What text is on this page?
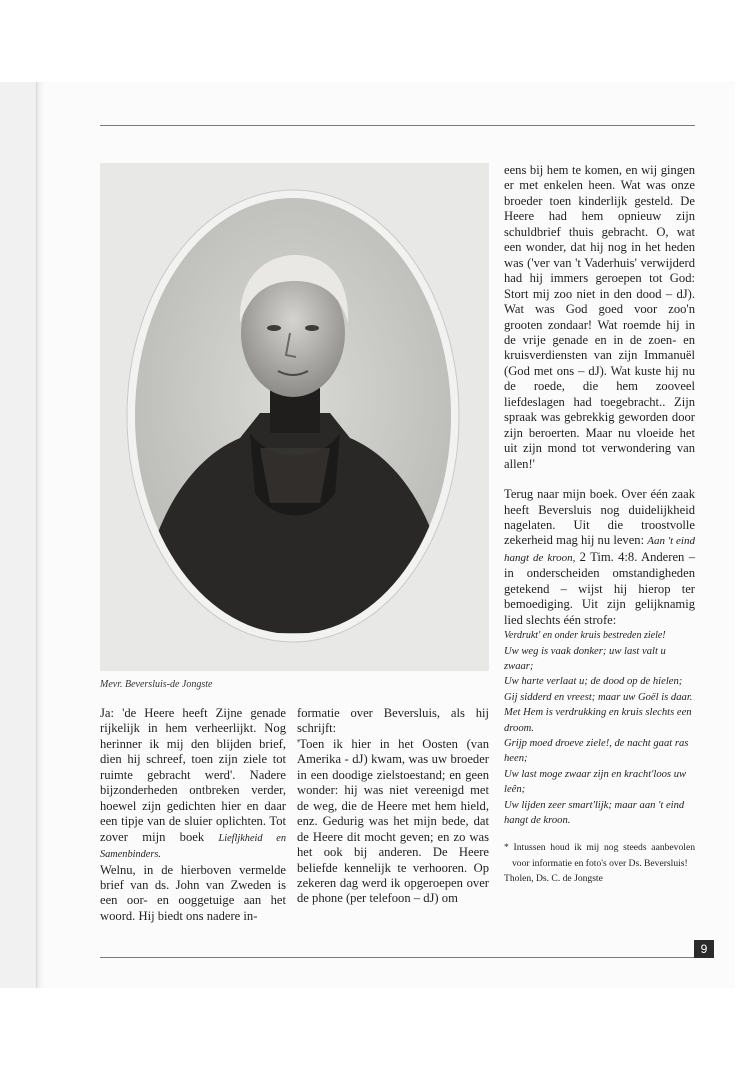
Mevr. Beversluis-de Jongste

Ja: 'de Heere heeft Zijne genade rijkelijk in hem verheerlijkt. Nog herinner ik mij den blijden brief, dien hij schreef, toen zijn ziele tot ruimte gebracht werd'. Nadere bijzonderheden ontbreken verder, hoewel zijn gedichten hier en daar een tipje van de sluier oplichten. Tot zover mijn boek Liefljkheid en Samenbinders.

Welnu, in de hierboven vermelde brief van ds. John van Zweden is een oor- en ooggetuige aan het woord. Hij biedt ons nadere in-

formatie over Beversluis, als hij schrijft:

'Toen ik hier in het Oosten (van Amerika - dJ) kwam, was uw broeder in een doodige zielstoestand; en geen wonder: hij was niet vereenigd met de weg, die de Heere met hem hield, enz. Gedurig was het mijn bede, dat de Heere dit mocht geven; en zo was het ook bij anderen. De Heere beliefde kennelijk te verhooren. Op zekeren dag werd ik opgeroepen over de phone (per telefoon – dJ) om

eens bij hem te komen, en wij gingen er met enkelen heen. Wat was onze broeder toen kinderlijk gesteld. De Heere had hem opnieuw zijn schuldbrief thuis gebracht. O, wat een wonder, dat hij nog in het heden was ('ver van 't Vaderhuis' verwijderd had hij immers geroepen tot God: Stort mij zoo niet in den dood – dJ). Wat was God goed voor zoo'n grooten zondaar! Wat roemde hij in de vrije genade en in de zoen- en kruisverdiensten van zijn Immanuël (God met ons – dJ). Wat kuste hij nu de roede, die hem zooveel liefdeslagen had toegebracht.. Zijn spraak was gebrekkig geworden door zijn beroerten. Maar nu vloeide het uit zijn mond tot verwondering van allen!'

Terug naar mijn boek. Over één zaak heeft Beversluis nog duidelijkheid nagelaten. Uit die troostvolle zekerheid mag hij nu leven: Aan 't eind hangt de kroon, 2 Tim. 4:8. Anderen – in onderscheiden omstandigheden getekend – wijst hij hierop ter bemoediging. Uit zijn gelijknamig lied slechts één strofe:

Verdrukt' en onder kruis bestreden ziele!
Uw weg is vaak donker; uw last valt u zwaar;
Uw harte verlaat u; de dood op de hielen;
Gij sidderd en vreest; maar uw Goël is daar.
Met Hem is verdrukking en kruis slechts een droom.
Grijp moed droeve ziele!, de nacht gaat ras heen;
Uw last moge zwaar zijn en kracht'loos uw leên;
Uw lijden zeer smart'lijk; maar aan 't eind hangt de kroon.
* Intussen houd ik mij nog steeds aanbevolen voor informatie en foto's over Ds. Beversluis!
Tholen, Ds. C. de Jongste
9
